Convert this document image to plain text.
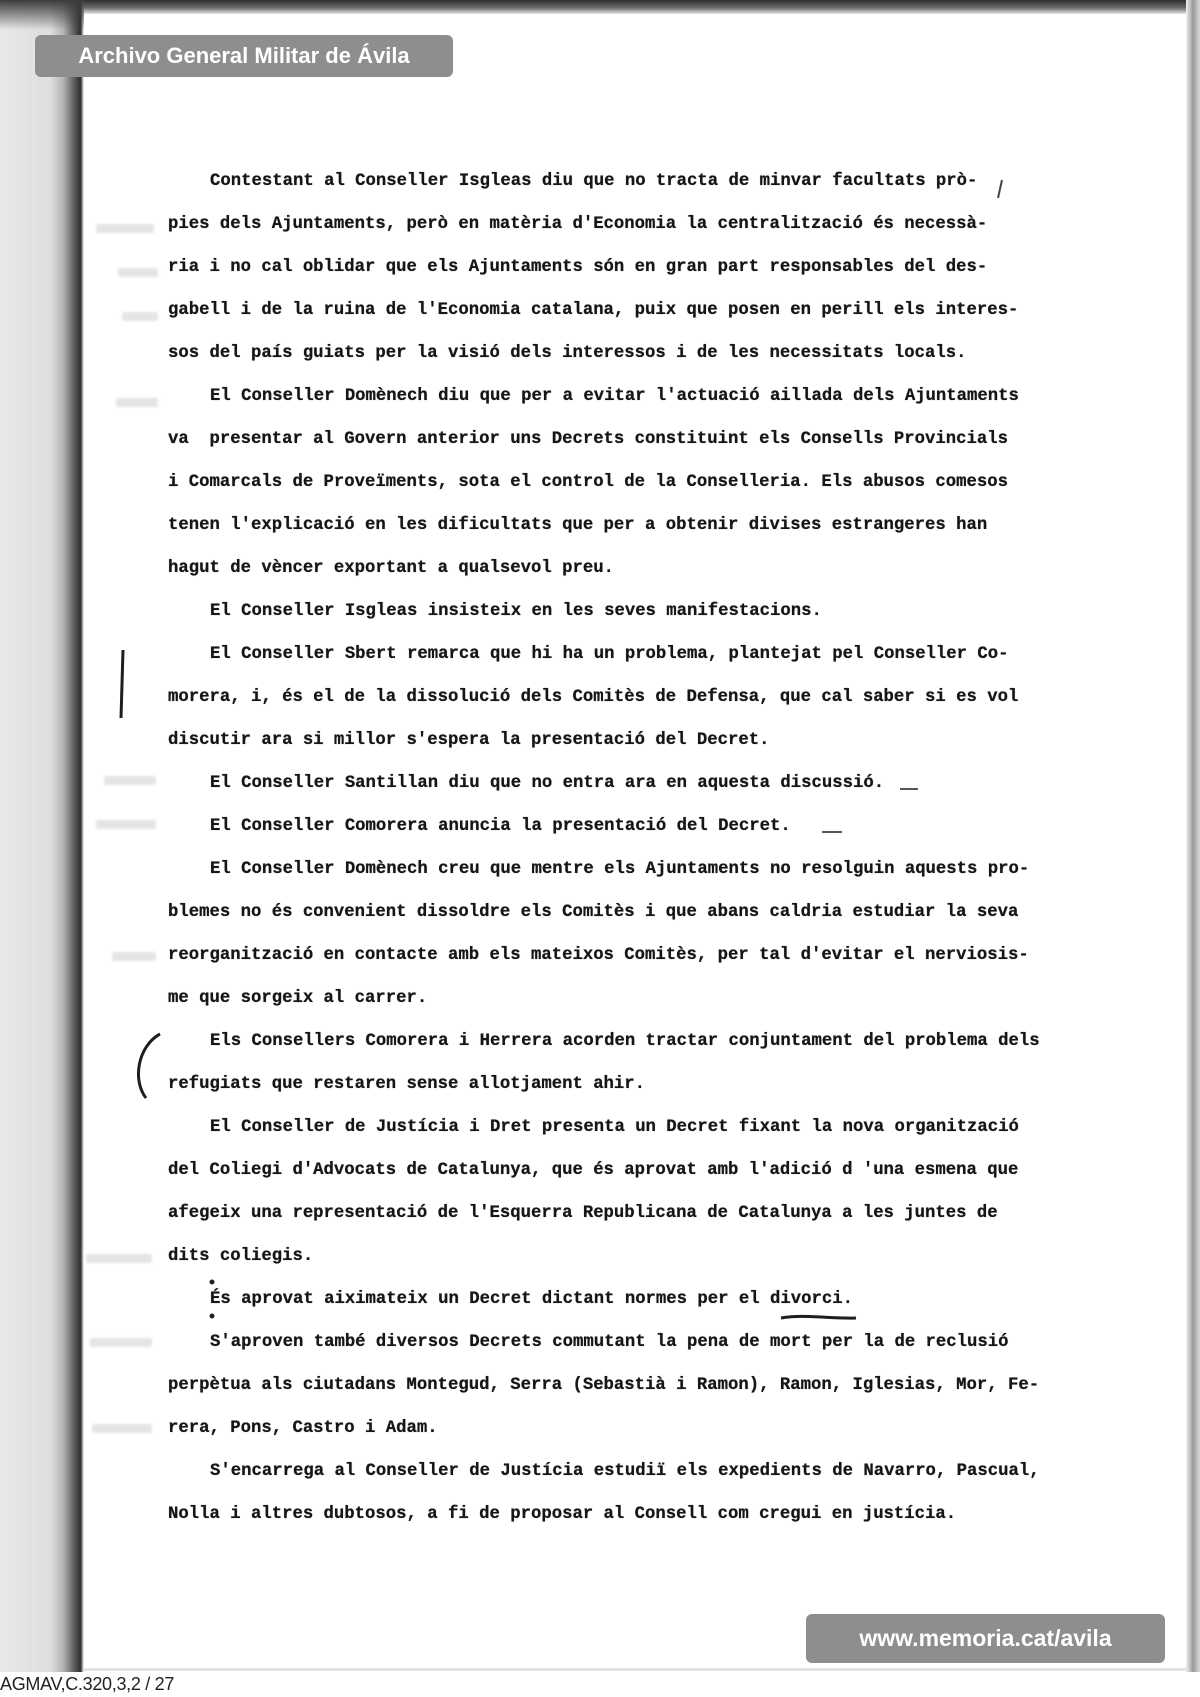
Archivo General Militar de Ávila
www.memoria.cat/avila
AGMAV,C.320,3,2 / 27
Contestant al Conseller Isgleas diu que no tracta de minvar facultats prò-
pies dels Ajuntaments, però en matèria d'Economia la centralització és necessà-
ria i no cal oblidar que els Ajuntaments són en gran part responsables del des-
gabell i de la ruina de l'Economia catalana, puix que posen en perill els interes-
sos del país guiats per la visió dels interessos i de les necessitats locals.
El Conseller Domènech diu que per a evitar l'actuació aillada dels Ajuntaments
va  presentar al Govern anterior uns Decrets constituint els Consells Provincials
i Comarcals de Proveïments, sota el control de la Conselleria. Els abusos comesos
tenen l'explicació en les dificultats que per a obtenir divises estrangeres han
hagut de vèncer exportant a qualsevol preu.
El Conseller Isgleas insisteix en les seves manifestacions.
El Conseller Sbert remarca que hi ha un problema, plantejat pel Conseller Co-
morera, i, és el de la dissolució dels Comitès de Defensa, que cal saber si es vol
discutir ara si millor s'espera la presentació del Decret.
El Conseller Santillan diu que no entra ara en aquesta discussió.
El Conseller Comorera anuncia la presentació del Decret.
El Conseller Domènech creu que mentre els Ajuntaments no resolguin aquests pro-
blemes no és convenient dissoldre els Comitès i que abans caldria estudiar la seva
reorganització en contacte amb els mateixos Comitès, per tal d'evitar el nerviosis-
me que sorgeix al carrer.
Els Consellers Comorera i Herrera acorden tractar conjuntament del problema dels
refugiats que restaren sense allotjament ahir.
El Conseller de Justícia i Dret presenta un Decret fixant la nova organització
del Coliegi d'Advocats de Catalunya, que és aprovat amb l'adició d 'una esmena que
afegeix una representació de l'Esquerra Republicana de Catalunya a les juntes de
dits coliegis.
És aprovat aiximateix un Decret dictant normes per el divorci.
S'aproven també diversos Decrets commutant la pena de mort per la de reclusió
perpètua als ciutadans Montegud, Serra (Sebastià i Ramon), Ramon, Iglesias, Mor, Fe-
rera, Pons, Castro i Adam.
S'encarrega al Conseller de Justícia estudiï els expedients de Navarro, Pascual,
Nolla i altres dubtosos, a fi de proposar al Consell com cregui en justícia.
